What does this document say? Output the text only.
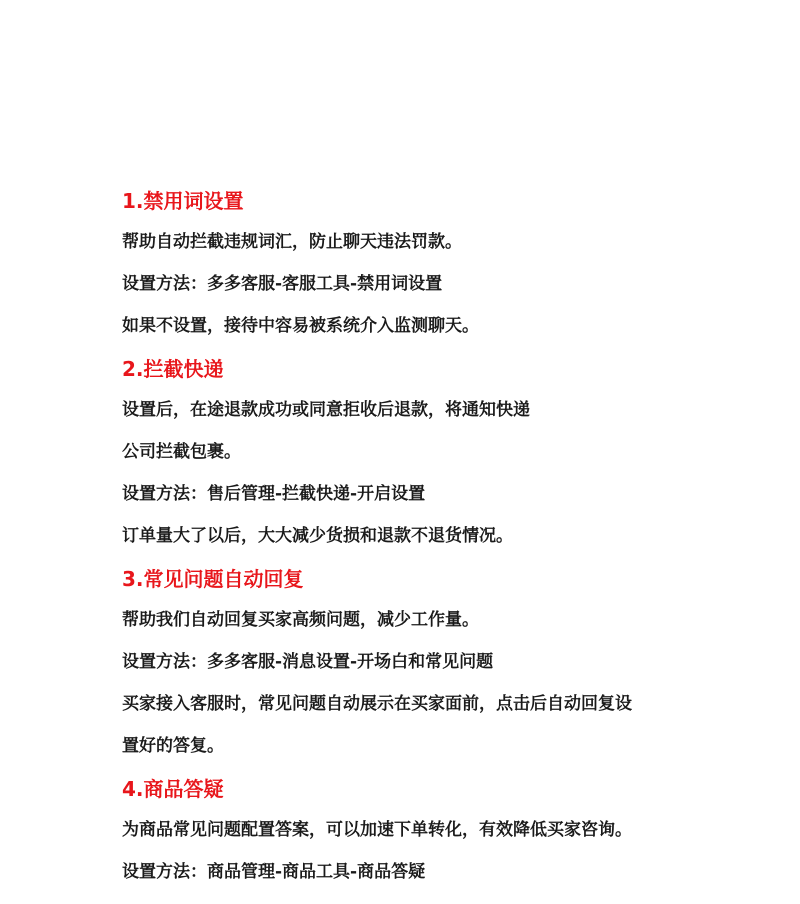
1.禁用词设置
帮助自动拦截违规词汇，防止聊天违法罚款。
设置方法：多多客服-客服工具-禁用词设置
如果不设置，接待中容易被系统介入监测聊天。
2.拦截快递
设置后，在途退款成功或同意拒收后退款，将通知快递
公司拦截包裹。
设置方法：售后管理-拦截快递-开启设置
订单量大了以后，大大减少货损和退款不退货情况。
3.常见问题自动回复
帮助我们自动回复买家高频问题，减少工作量。
设置方法：多多客服-消息设置-开场白和常见问题
买家接入客服时，常见问题自动展示在买家面前，点击后自动回复设
置好的答复。
4.商品答疑
为商品常见问题配置答案，可以加速下单转化，有效降低买家咨询。
设置方法：商品管理-商品工具-商品答疑
